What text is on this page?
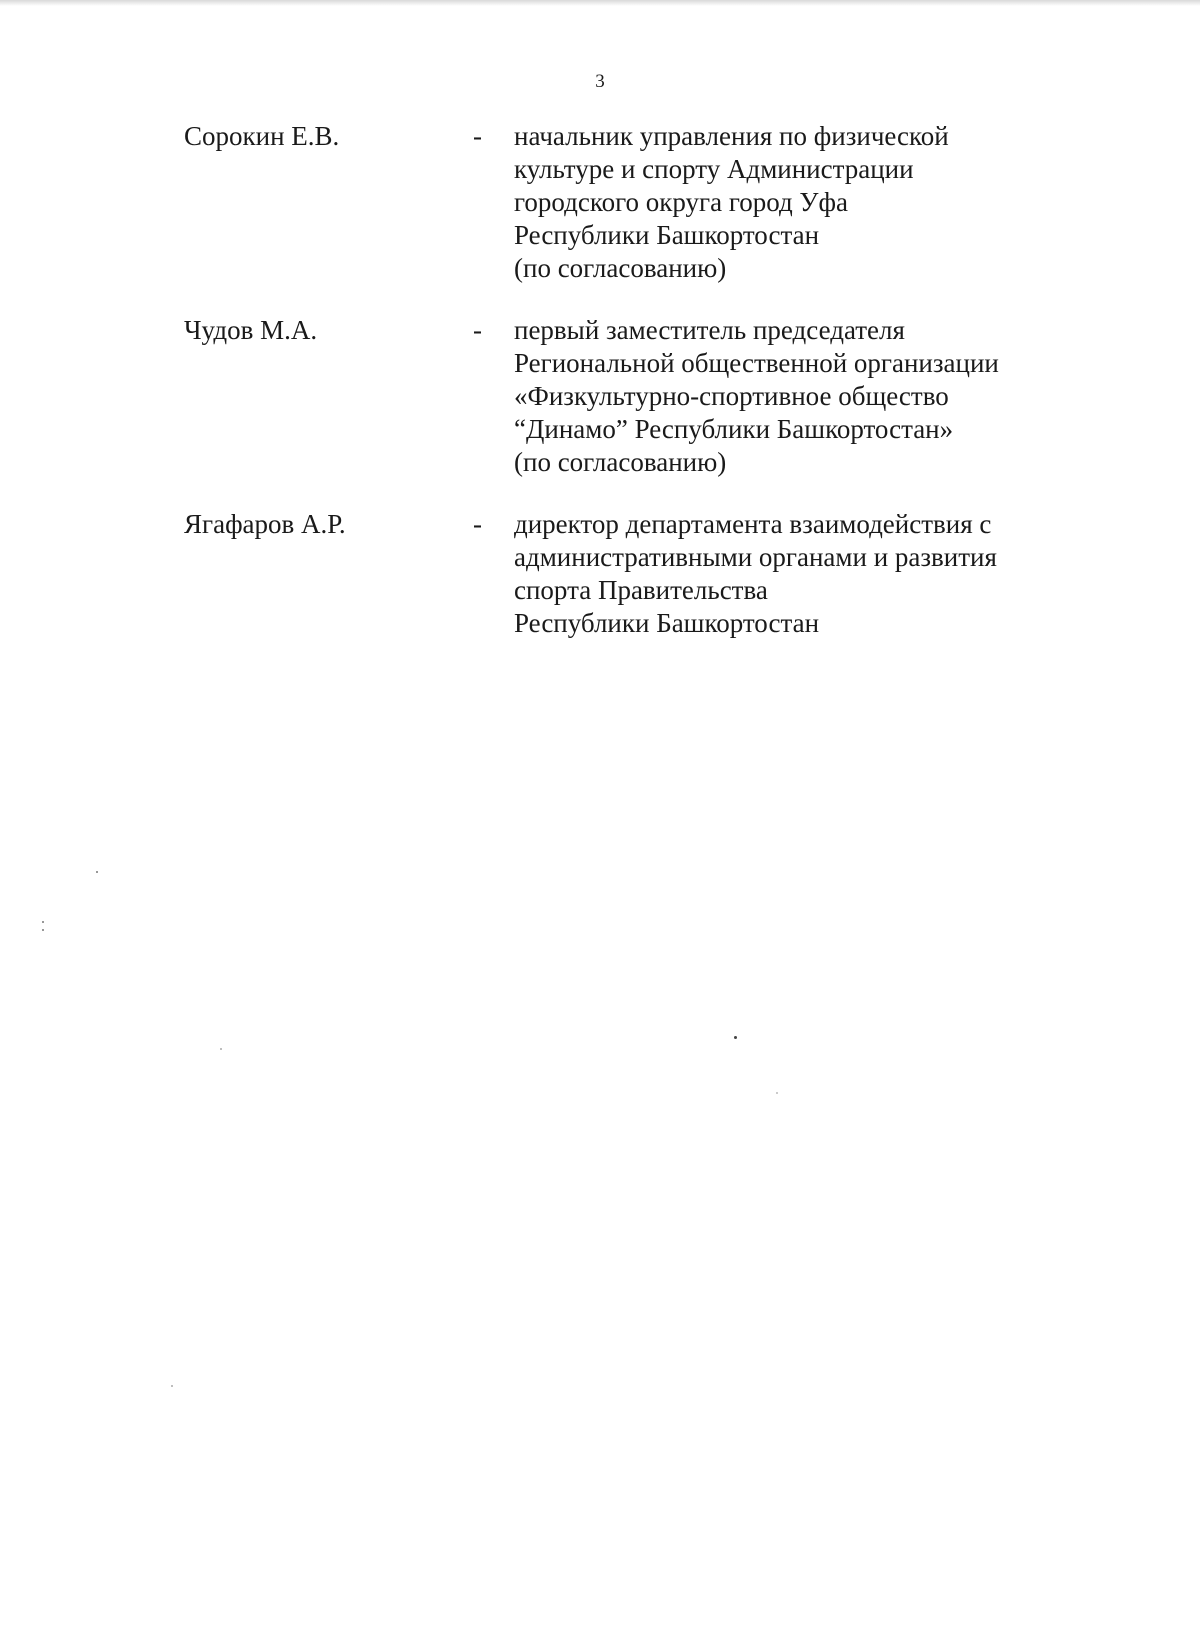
3
Сорокин Е.В.	- начальник управления по физической
культуре и спорту Администрации
городского округа город Уфа
Республики Башкортостан
(по согласованию)
Чудов М.А.	- первый заместитель председателя
Региональной общественной организации
«Физкультурно-спортивное общество
“Динамо” Республики Башкортостан»
(по согласованию)
Ягафаров А.Р.	- директор департамента взаимодействия с
административными органами и развития
спорта Правительства
Республики Башкортостан
